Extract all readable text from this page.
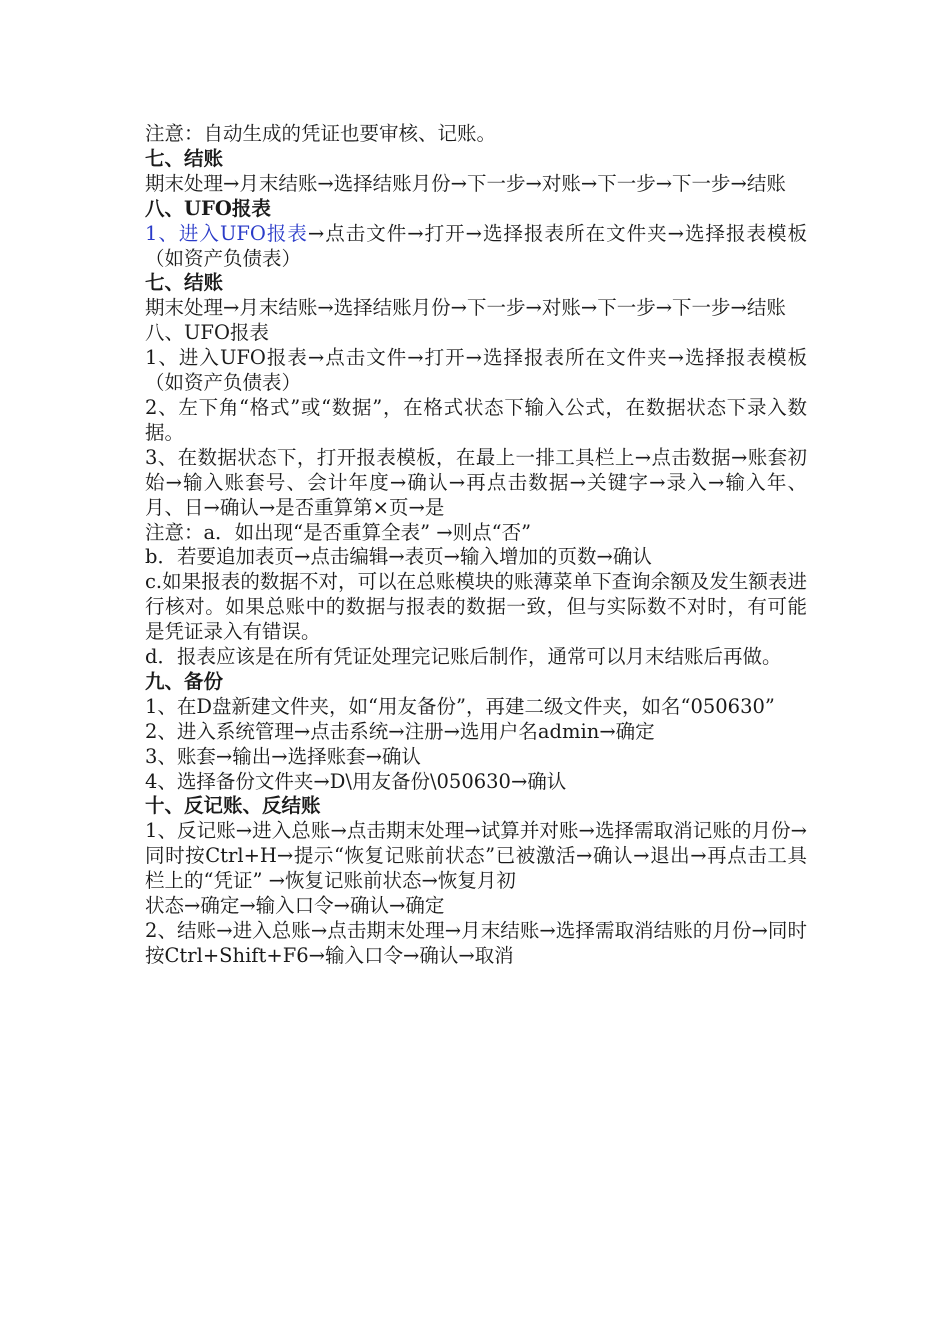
注意：自动生成的凭证也要审核、记账。

七、结账

期末处理→月末结账→选择结账月份→下一步→对账→下一步→下一步→结账

八、UFO报表

1、进入UFO报表→点击文件→打开→选择报表所在文件夹→选择报表模板（如资产负债表）

七、结账

期末处理→月末结账→选择结账月份→下一步→对账→下一步→下一步→结账

八、UFO报表

1、进入UFO报表→点击文件→打开→选择报表所在文件夹→选择报表模板（如资产负债表）

2、左下角“格式”或“数据”，在格式状态下输入公式，在数据状态下录入数据。

3、在数据状态下，打开报表模板，在最上一排工具栏上→点击数据→账套初始→输入账套号、会计年度→确认→再点击数据→关键字→录入→输入年、月、日→确认→是否重算第×页→是

注意：a．如出现“是否重算全表” →则点“否”

b．若要追加表页→点击编辑→表页→输入增加的页数→确认

c.如果报表的数据不对，可以在总账模块的账薄菜单下查询余额及发生额表进行核对。如果总账中的数据与报表的数据一致，但与实际数不对时，有可能是凭证录入有错误。

d．报表应该是在所有凭证处理完记账后制作，通常可以月末结账后再做。

九、备份

1、在D盘新建文件夹，如“用友备份”，再建二级文件夹，如名“050630”

2、进入系统管理→点击系统→注册→选用户名admin→确定

3、账套→输出→选择账套→确认

4、选择备份文件夹→D\用友备份\050630→确认

十、反记账、反结账

1、反记账→进入总账→点击期末处理→试算并对账→选择需取消记账的月份→同时按Ctrl+H→提示“恢复记账前状态”已被激活→确认→退出→再点击工具栏上的“凭证” →恢复记账前状态→恢复月初

状态→确定→输入口令→确认→确定

2、结账→进入总账→点击期末处理→月末结账→选择需取消结账的月份→同时按Ctrl+Shift+F6→输入口令→确认→取消
